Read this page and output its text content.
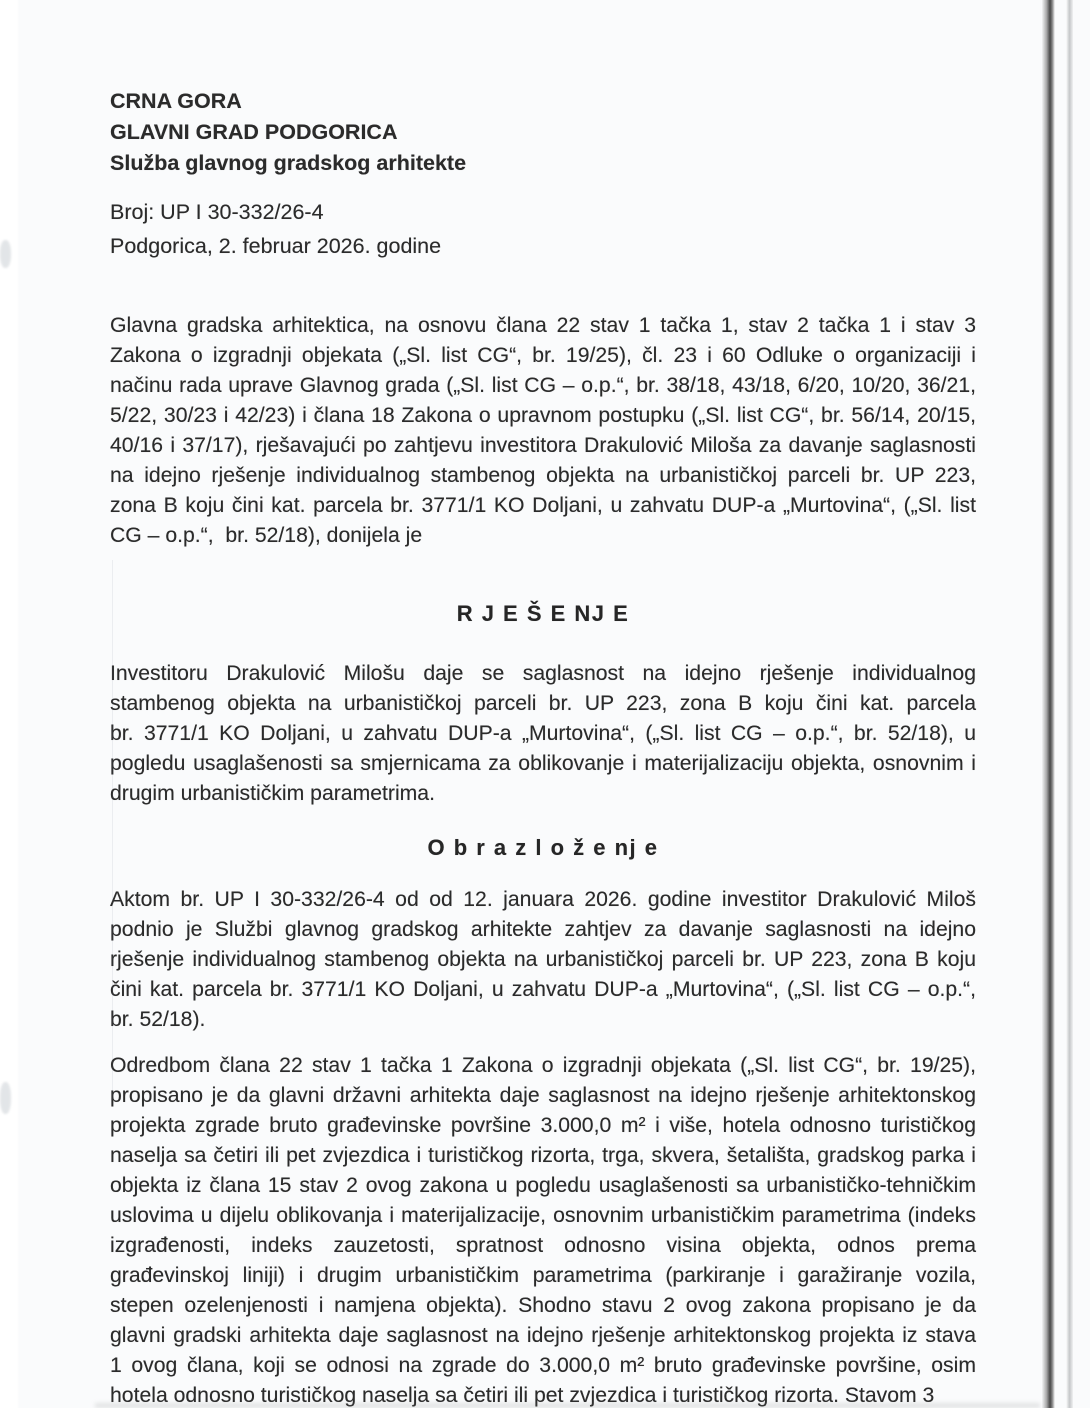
CRNA GORA
GLAVNI GRAD PODGORICA
Služba glavnog gradskog arhitekte
Broj: UP I 30-332/26-4
Podgorica, 2. februar 2026. godine
Glavna gradska arhitektica, na osnovu člana 22 stav 1 tačka 1, stav 2 tačka 1 i stav 3
Zakona o izgradnji objekata („Sl. list CG“, br. 19/25), čl. 23 i 60 Odluke o organizaciji i
načinu rada uprave Glavnog grada („Sl. list CG – o.p.“, br. 38/18, 43/18, 6/20, 10/20, 36/21,
5/22, 30/23 i 42/23) i člana 18 Zakona o upravnom postupku („Sl. list CG“, br. 56/14, 20/15,
40/16 i 37/17), rješavajući po zahtjevu investitora Drakulović Miloša za davanje saglasnosti
na idejno rješenje individualnog stambenog objekta na urbanističkoj parceli br. UP 223,
zona B koju čini kat. parcela br. 3771/1 KO Doljani, u zahvatu DUP-a „Murtovina“, („Sl. list
CG – o.p.“,  br. 52/18), donijela je
R J E Š E NJ E
Investitoru Drakulović Milošu daje se saglasnost na idejno rješenje individualnog
stambenog objekta na urbanističkoj parceli br. UP 223, zona B koju čini kat. parcela
br. 3771/1 KO Doljani, u zahvatu DUP-a „Murtovina“, („Sl. list CG – o.p.“, br. 52/18), u
pogledu usaglašenosti sa smjernicama za oblikovanje i materijalizaciju objekta, osnovnim i
drugim urbanističkim parametrima.
O b r a z l o ž e nj e
Aktom br. UP I 30-332/26-4 od od 12. januara 2026. godine investitor Drakulović Miloš
podnio je Službi glavnog gradskog arhitekte zahtjev za davanje saglasnosti na idejno
rješenje individualnog stambenog objekta na urbanističkoj parceli br. UP 223, zona B koju
čini kat. parcela br. 3771/1 KO Doljani, u zahvatu DUP-a „Murtovina“, („Sl. list CG – o.p.“,
br. 52/18).
Odredbom člana 22 stav 1 tačka 1 Zakona o izgradnji objekata („Sl. list CG“, br. 19/25),
propisano je da glavni državni arhitekta daje saglasnost na idejno rješenje arhitektonskog
projekta zgrade bruto građevinske površine 3.000,0 m² i više, hotela odnosno turističkog
naselja sa četiri ili pet zvjezdica i turističkog rizorta, trga, skvera, šetališta, gradskog parka i
objekta iz člana 15 stav 2 ovog zakona u pogledu usaglašenosti sa urbanističko-tehničkim
uslovima u dijelu oblikovanja i materijalizacije, osnovnim urbanističkim parametrima (indeks
izgrađenosti, indeks zauzetosti, spratnost odnosno visina objekta, odnos prema
građevinskoj liniji) i drugim urbanističkim parametrima (parkiranje i garažiranje vozila,
stepen ozelenjenosti i namjena objekta). Shodno stavu 2 ovog zakona propisano je da
glavni gradski arhitekta daje saglasnost na idejno rješenje arhitektonskog projekta iz stava
1 ovog člana, koji se odnosi na zgrade do 3.000,0 m² bruto građevinske površine, osim
hotela odnosno turističkog naselja sa četiri ili pet zvjezdica i turističkog rizorta. Stavom 3
